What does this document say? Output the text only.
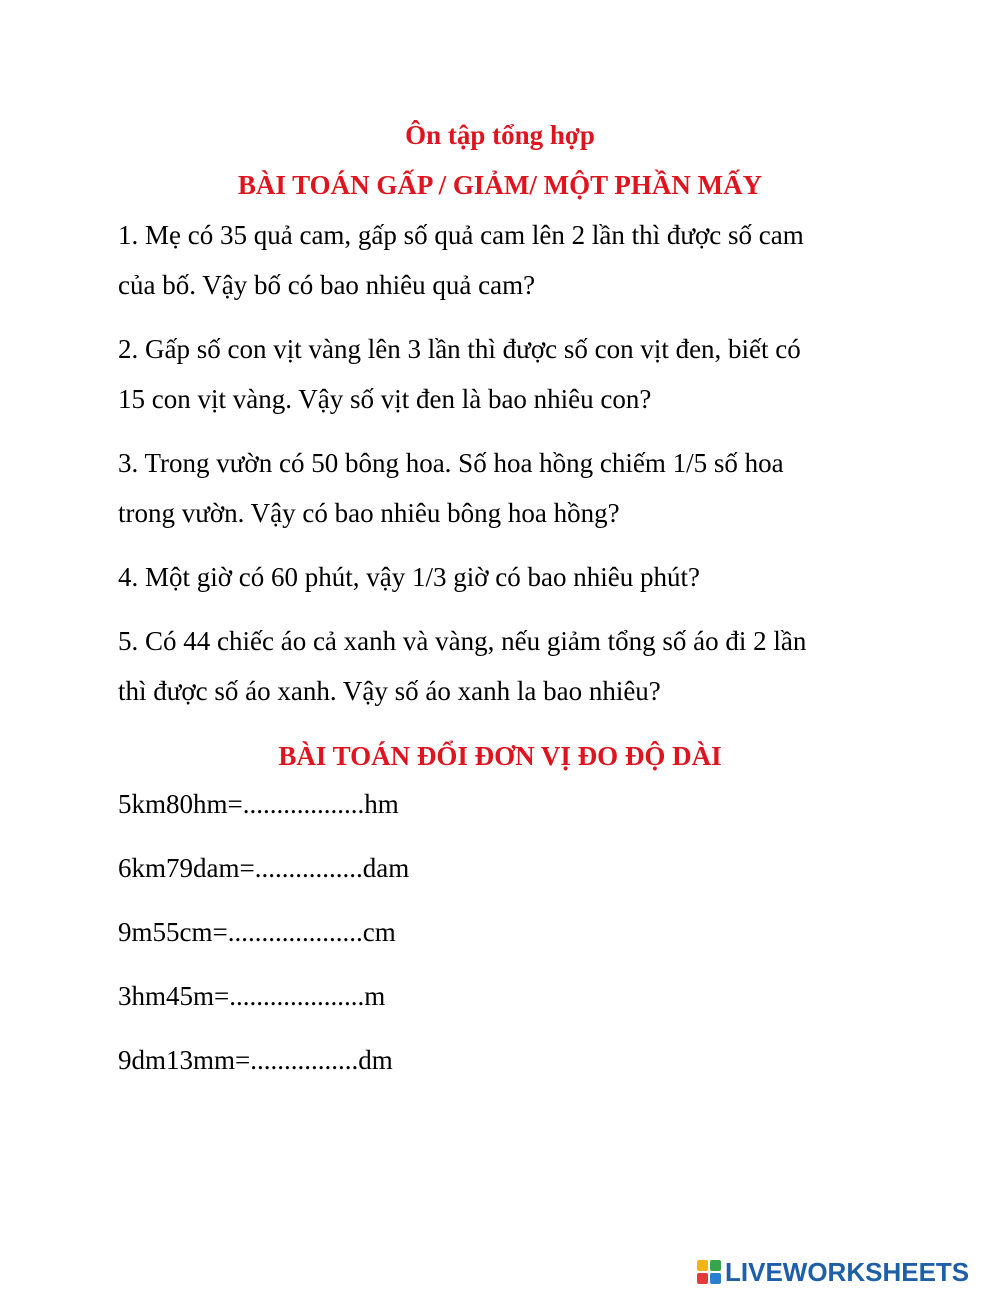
Ôn tập tổng hợp
BÀI TOÁN GẤP / GIẢM/ MỘT PHẦN MẤY
1. Mẹ có 35 quả cam, gấp số quả cam lên 2 lần thì được số cam
của bố. Vậy bố có bao nhiêu quả cam?
2. Gấp số con vịt vàng lên 3 lần thì được số con vịt đen, biết có
15 con vịt vàng. Vậy số vịt đen là bao nhiêu con?
3. Trong vườn có 50 bông hoa. Số hoa hồng chiếm 1/5 số hoa
trong vườn. Vậy có bao nhiêu bông hoa hồng?
4. Một giờ có 60 phút, vậy 1/3 giờ có bao nhiêu phút?
5. Có 44 chiếc áo cả xanh và vàng, nếu giảm tổng số áo đi 2 lần
thì được số áo xanh. Vậy số áo xanh la bao nhiêu?
BÀI TOÁN ĐỔI ĐƠN VỊ ĐO ĐỘ DÀI
5km80hm=..................hm
6km79dam=................dam
9m55cm=....................cm
3hm45m=....................m
9dm13mm=................dm
LIVEWORKSHEETS
